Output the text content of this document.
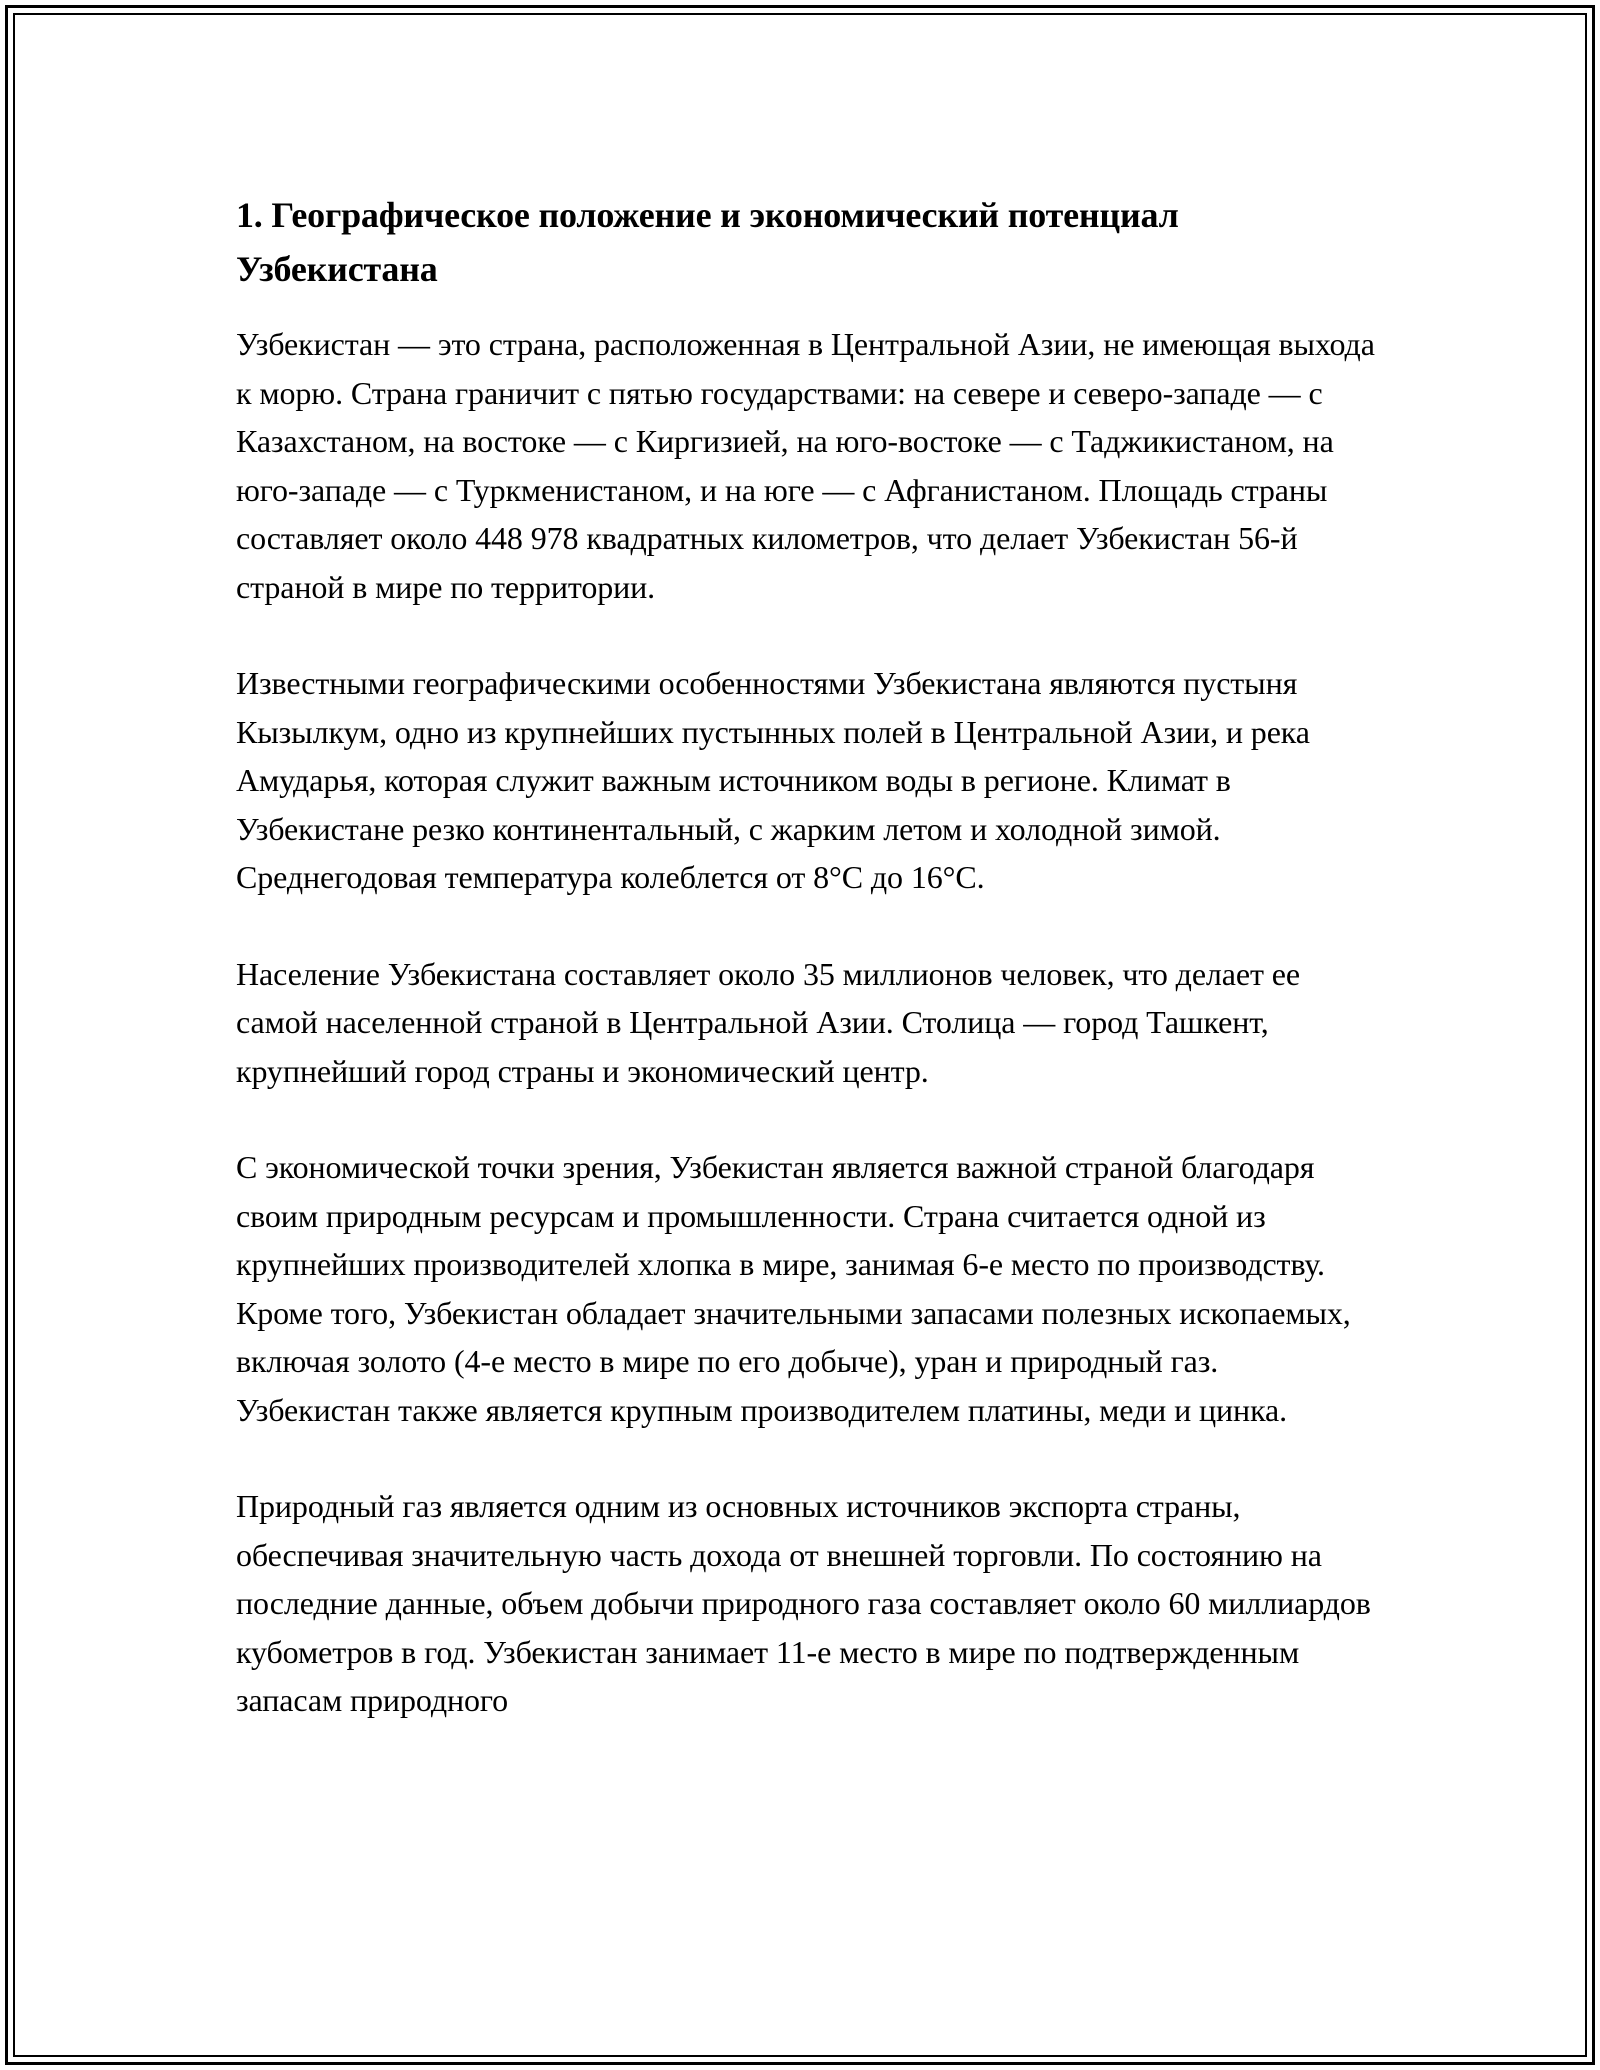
1. Географическое положение и экономический потенциал Узбекистана

Узбекистан — это страна, расположенная в Центральной Азии, не имеющая выхода к морю. Страна граничит с пятью государствами: на севере и северо-западе — с Казахстаном, на востоке — с Киргизией, на юго-востоке — с Таджикистаном, на юго-западе — с Туркменистаном, и на юге — с Афганистаном. Площадь страны составляет около 448 978 квадратных километров, что делает Узбекистан 56-й страной в мире по территории.

Известными географическими особенностями Узбекистана являются пустыня Кызылкум, одно из крупнейших пустынных полей в Центральной Азии, и река Амударья, которая служит важным источником воды в регионе. Климат в Узбекистане резко континентальный, с жарким летом и холодной зимой. Среднегодовая температура колеблется от 8°C до 16°C.

Население Узбекистана составляет около 35 миллионов человек, что делает ее самой населенной страной в Центральной Азии. Столица — город Ташкент, крупнейший город страны и экономический центр.

С экономической точки зрения, Узбекистан является важной страной благодаря своим природным ресурсам и промышленности. Страна считается одной из крупнейших производителей хлопка в мире, занимая 6-е место по производству. Кроме того, Узбекистан обладает значительными запасами полезных ископаемых, включая золото (4-е место в мире по его добыче), уран и природный газ. Узбекистан также является крупным производителем платины, меди и цинка.

Природный газ является одним из основных источников экспорта страны, обеспечивая значительную часть дохода от внешней торговли. По состоянию на последние данные, объем добычи природного газа составляет около 60 миллиардов кубометров в год. Узбекистан занимает 11-е место в мире по подтвержденным запасам природного
